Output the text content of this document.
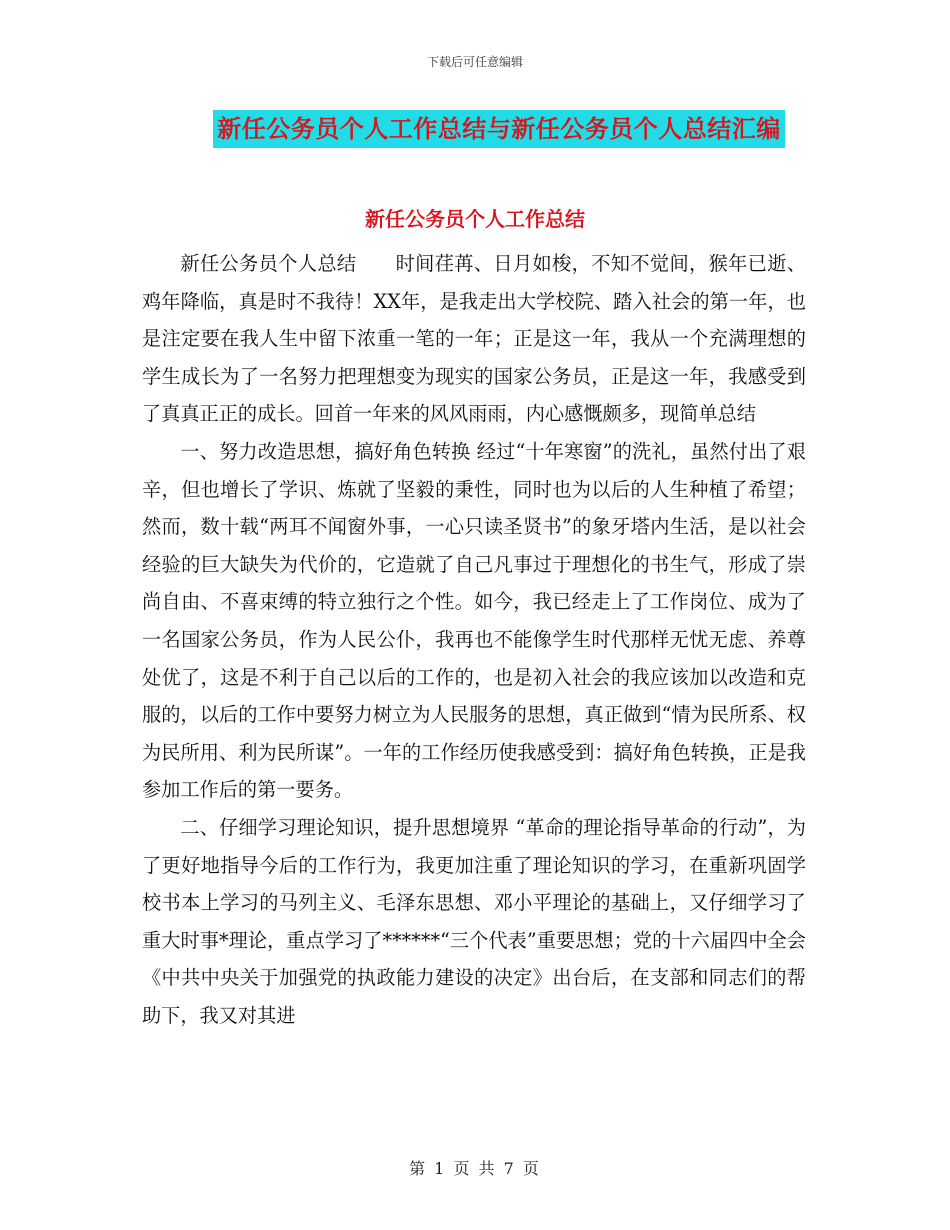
下载后可任意编辑
新任公务员个人工作总结与新任公务员个人总结汇编
新任公务员个人工作总结

新任公务员个人总结　　时间荏苒、日月如梭，不知不觉间，猴年已逝、鸡年降临，真是时不我待！XX年，是我走出大学校院、踏入社会的第一年，也是注定要在我人生中留下浓重一笔的一年；正是这一年，我从一个充满理想的学生成长为了一名努力把理想变为现实的国家公务员，正是这一年，我感受到了真真正正的成长。回首一年来的风风雨雨，内心感慨颇多，现简单总结

一、努力改造思想，搞好角色转换 经过“十年寒窗”的洗礼，虽然付出了艰辛，但也增长了学识、炼就了坚毅的秉性，同时也为以后的人生种植了希望；然而，数十载“两耳不闻窗外事，一心只读圣贤书”的象牙塔内生活，是以社会经验的巨大缺失为代价的，它造就了自己凡事过于理想化的书生气，形成了崇尚自由、不喜束缚的特立独行之个性。如今，我已经走上了工作岗位、成为了一名国家公务员，作为人民公仆，我再也不能像学生时代那样无忧无虑、养尊处优了，这是不利于自己以后的工作的，也是初入社会的我应该加以改造和克服的，以后的工作中要努力树立为人民服务的思想，真正做到“情为民所系、权为民所用、利为民所谋”。一年的工作经历使我感受到：搞好角色转换，正是我参加工作后的第一要务。

二、仔细学习理论知识，提升思想境界 “革命的理论指导革命的行动”，为了更好地指导今后的工作行为，我更加注重了理论知识的学习，在重新巩固学校书本上学习的马列主义、毛泽东思想、邓小平理论的基础上，又仔细学习了重大时事*理论，重点学习了******“三个代表”重要思想；党的十六届四中全会《中共中央关于加强党的执政能力建设的决定》出台后，在支部和同志们的帮助下，我又对其进

第 1 页 共 7 页
